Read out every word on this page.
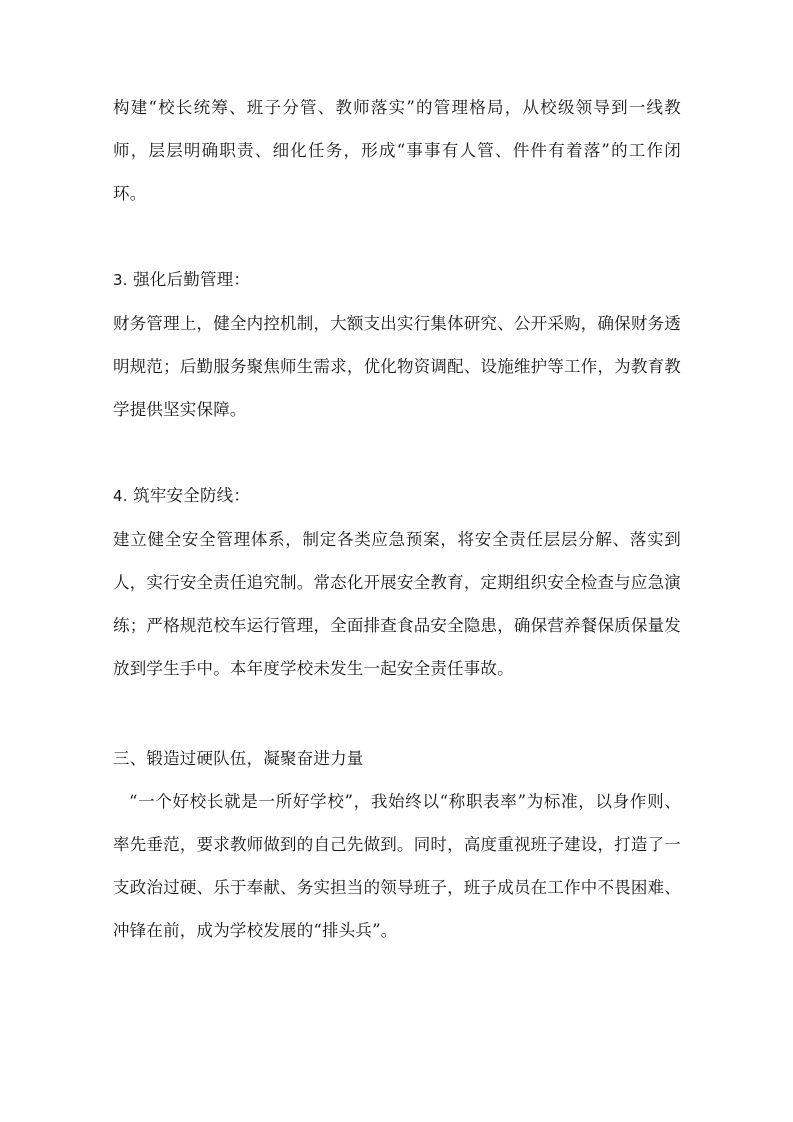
构建“校长统筹、班子分管、教师落实”的管理格局，从校级领导到一线教师，层层明确职责、细化任务，形成“事事有人管、件件有着落”的工作闭环。

3. 强化后勤管理：

财务管理上，健全内控机制，大额支出实行集体研究、公开采购，确保财务透明规范；后勤服务聚焦师生需求，优化物资调配、设施维护等工作，为教育教学提供坚实保障。

4. 筑牢安全防线：

建立健全安全管理体系，制定各类应急预案，将安全责任层层分解、落实到人，实行安全责任追究制。常态化开展安全教育，定期组织安全检查与应急演练；严格规范校车运行管理，全面排查食品安全隐患，确保营养餐保质保量发放到学生手中。本年度学校未发生一起安全责任事故。

三、锻造过硬队伍，凝聚奋进力量

“一个好校长就是一所好学校”，我始终以“称职表率”为标准，以身作则、率先垂范，要求教师做到的自己先做到。同时，高度重视班子建设，打造了一支政治过硬、乐于奉献、务实担当的领导班子，班子成员在工作中不畏困难、冲锋在前，成为学校发展的“排头兵”。
